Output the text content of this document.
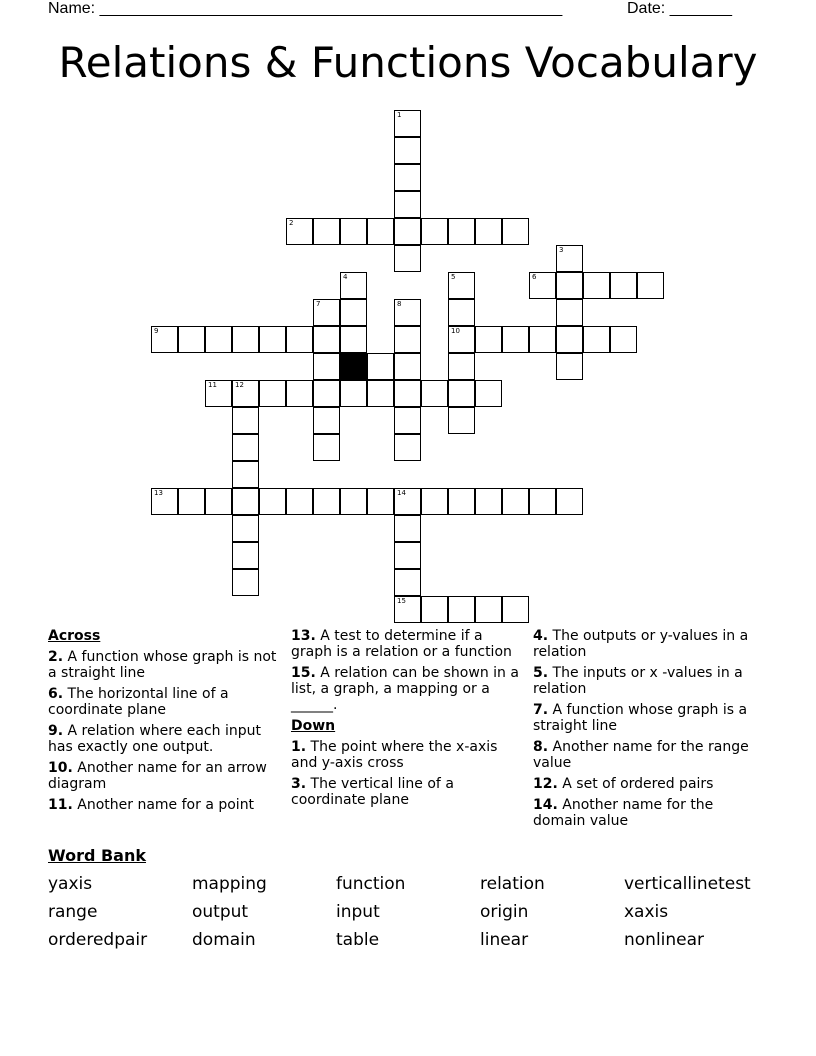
Name: ____________________________________________________	Date: _______
Relations & Functions Vocabulary
1
2
3
4	5	6
7	8
9	10
11	12
13	14
15
Across
2. A function whose graph is not a straight line
6. The horizontal line of a coordinate plane
9. A relation where each input has exactly one output.
10. Another name for an arrow diagram
11. Another name for a point
13. A test to determine if a graph is a relation or a function
15. A relation can be shown in a list, a graph, a mapping or a ______.
Down
1. The point where the x-axis and y-axis cross
3. The vertical line of a coordinate plane
4. The outputs or y-values in a relation
5. The inputs or x -values in a relation
7. A function whose graph is a straight line
8. Another name for the range value
12. A set of ordered pairs
14. Another name for the domain value
Word Bank
yaxis	mapping	function	relation	verticallinetest
range	output	input	origin	xaxis
orderedpair	domain	table	linear	nonlinear
